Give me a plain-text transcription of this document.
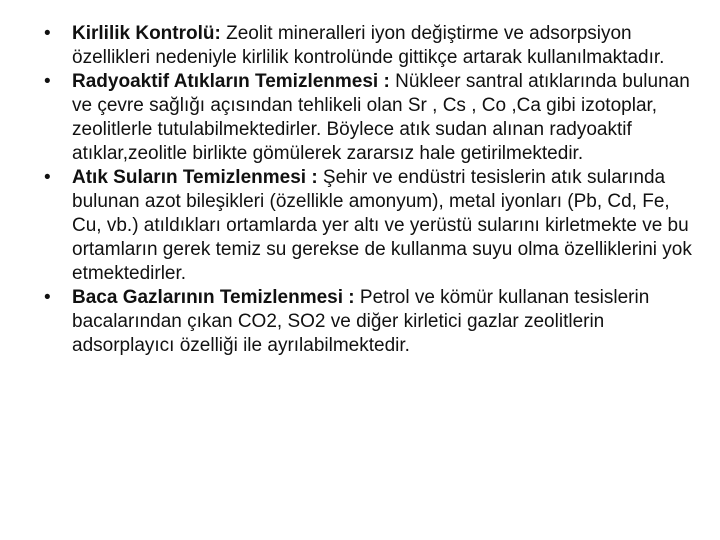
•	Kirlilik Kontrolü: Zeolit mineralleri iyon değiştirme ve adsorpsiyon özellikleri nedeniyle kirlilik kontrolünde gittikçe artarak kullanılmaktadır.
•	Radyoaktif Atıkların Temizlenmesi : Nükleer santral atıklarında bulunan ve çevre sağlığı açısından tehlikeli olan Sr , Cs , Co ,Ca gibi izotoplar, zeolitlerle tutulabilmektedirler. Böylece atık sudan alınan radyoaktif atıklar,zeolitle birlikte gömülerek zararsız hale getirilmektedir.
•	Atık Suların Temizlenmesi : Şehir ve endüstri tesislerin atık sularında bulunan azot bileşikleri (özellikle amonyum), metal iyonları (Pb, Cd, Fe, Cu, vb.) atıldıkları ortamlarda yer altı ve yerüstü sularını kirletmekte ve bu ortamların gerek temiz su gerekse de kullanma suyu olma özelliklerini yok etmektedirler.
•	Baca Gazlarının Temizlenmesi : Petrol ve kömür kullanan tesislerin bacalarından çıkan CO2, SO2 ve diğer kirletici gazlar zeolitlerin adsorplayıcı özelliği ile ayrılabilmektedir.
